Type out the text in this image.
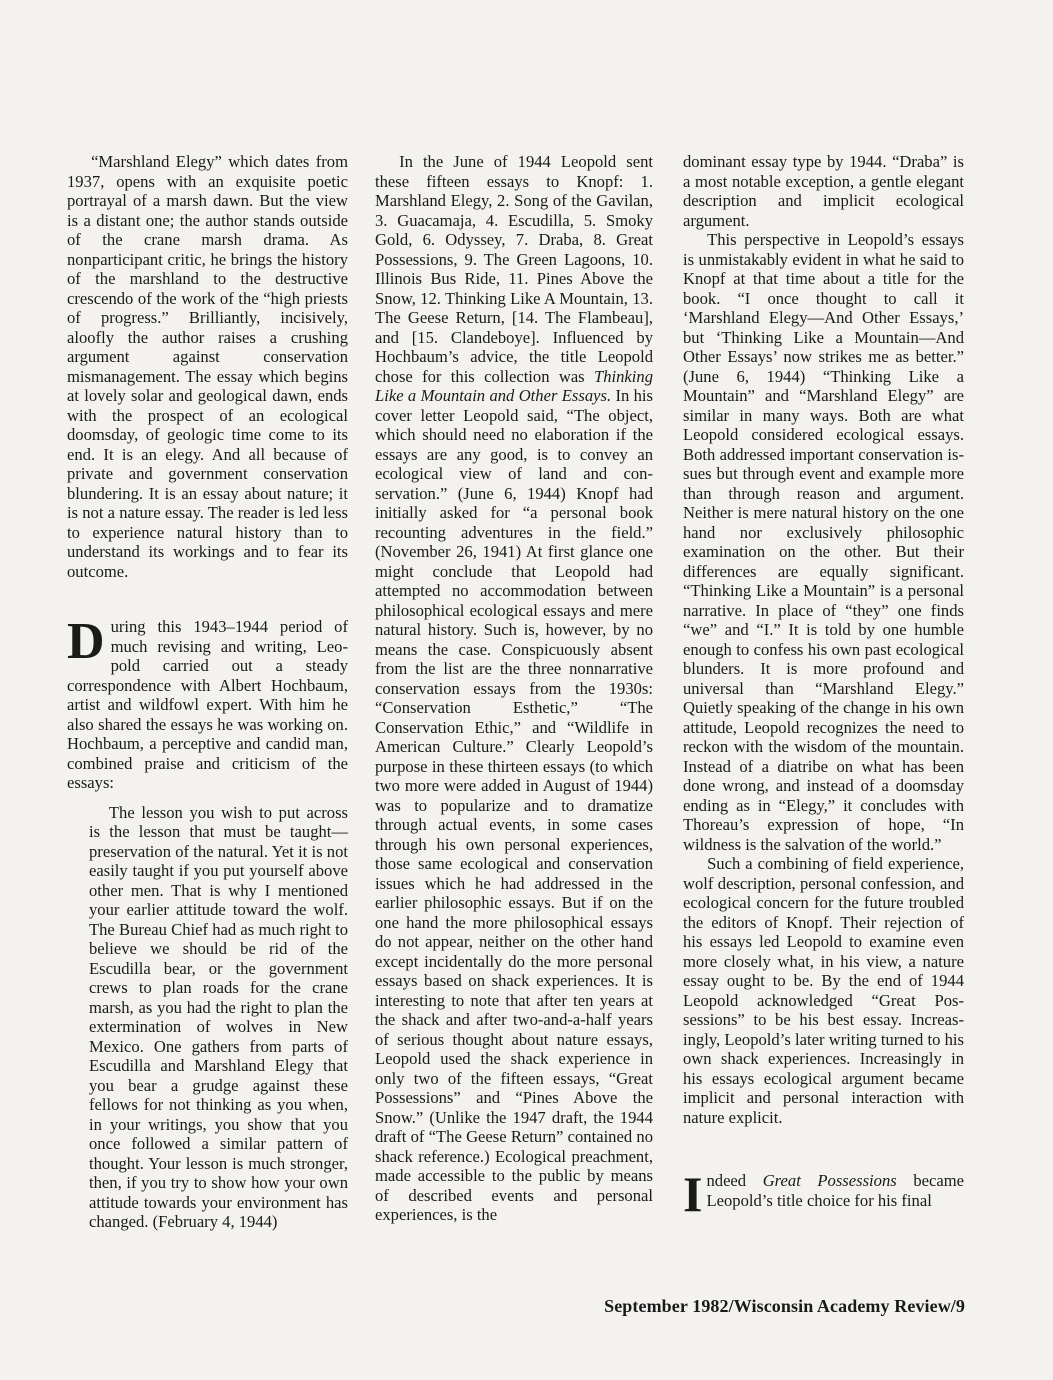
“Marshland Elegy” which dates from 1937, opens with an exquisite poetic portrayal of a marsh dawn. But the view is a distant one; the author stands outside of the crane marsh drama. As nonparticipant critic, he brings the history of the marshland to the destructive crescendo of the work of the “high priests of progress.” Brilliantly, incisively, aloofly the author raises a crushing argument against conservation mismanagement. The essay which begins at lovely solar and geological dawn, ends with the prospect of an ecological doomsday, of geologic time come to its end. It is an elegy. And all because of private and government conservation blundering. It is an essay about nature; it is not a nature essay. The reader is led less to experience natural history than to understand its workings and to fear its outcome.

During this 1943–1944 period of much revising and writing, Leopold carried out a steady correspondence with Albert Hochbaum, artist and wildfowl expert. With him he also shared the essays he was working on. Hochbaum, a perceptive and candid man, combined praise and criticism of the essays:

The lesson you wish to put across is the lesson that must be taught—preservation of the natural. Yet it is not easily taught if you put yourself above other men. That is why I mentioned your earlier attitude toward the wolf. The Bureau Chief had as much right to believe we should be rid of the Escudilla bear, or the government crews to plan roads for the crane marsh, as you had the right to plan the extermination of wolves in New Mexico. One gathers from parts of Escudilla and Marshland Elegy that you bear a grudge against these fellows for not thinking as you when, in your writings, you show that you once followed a similar pattern of thought. Your lesson is much stronger, then, if you try to show how your own attitude towards your environment has changed. (February 4, 1944)

In the June of 1944 Leopold sent these fifteen essays to Knopf: 1. Marshland Elegy, 2. Song of the Gavilan, 3. Guacamaja, 4. Escudilla, 5. Smoky Gold, 6. Odyssey, 7. Draba, 8. Great Possessions, 9. The Green Lagoons, 10. Illinois Bus Ride, 11. Pines Above the Snow, 12. Thinking Like A Mountain, 13. The Geese Return, [14. The Flambeau], and [15. Clandeboye]. Influenced by Hochbaum’s advice, the title Leopold chose for this collection was Thinking Like a Mountain and Other Essays. In his cover letter Leopold said, “The object, which should need no elaboration if the essays are any good, is to convey an ecological view of land and conservation.” (June 6, 1944) Knopf had initially asked for “a personal book recounting adventures in the field.” (November 26, 1941) At first glance one might conclude that Leopold had attempted no accommodation between philosophical ecological essays and mere natural history. Such is, however, by no means the case. Conspicuously absent from the list are the three nonnarrative conservation essays from the 1930s: “Conservation Esthetic,” “The Conservation Ethic,” and “Wildlife in American Culture.” Clearly Leopold’s purpose in these thirteen essays (to which two more were added in August of 1944) was to popularize and to dramatize through actual events, in some cases through his own personal experiences, those same ecological and conservation issues which he had addressed in the earlier philosophic essays. But if on the one hand the more philosophical essays do not appear, neither on the other hand except incidentally do the more personal essays based on shack experiences. It is interesting to note that after ten years at the shack and after two-and-a-half years of serious thought about nature essays, Leopold used the shack experience in only two of the fifteen essays, “Great Possessions” and “Pines Above the Snow.” (Unlike the 1947 draft, the 1944 draft of “The Geese Return” contained no shack reference.) Ecological preachment, made accessible to the public by means of described events and personal experiences, is the

dominant essay type by 1944. “Draba” is a most notable exception, a gentle elegant description and implicit ecological argument.

This perspective in Leopold’s essays is unmistakably evident in what he said to Knopf at that time about a title for the book. “I once thought to call it ‘Marshland Elegy—And Other Essays,’ but ‘Thinking Like a Mountain—And Other Essays’ now strikes me as better.” (June 6, 1944) “Thinking Like a Mountain” and “Marshland Elegy” are similar in many ways. Both are what Leopold considered ecological essays. Both addressed important conservation issues but through event and example more than through reason and argument. Neither is mere natural history on the one hand nor exclusively philosophic examination on the other. But their differences are equally significant. “Thinking Like a Mountain” is a personal narrative. In place of “they” one finds “we” and “I.” It is told by one humble enough to confess his own past ecological blunders. It is more profound and universal than “Marshland Elegy.” Quietly speaking of the change in his own attitude, Leopold recognizes the need to reckon with the wisdom of the mountain. Instead of a diatribe on what has been done wrong, and instead of a doomsday ending as in “Elegy,” it concludes with Thoreau’s expression of hope, “In wildness is the salvation of the world.”

Such a combining of field experience, wolf description, personal confession, and ecological concern for the future troubled the editors of Knopf. Their rejection of his essays led Leopold to examine even more closely what, in his view, a nature essay ought to be. By the end of 1944 Leopold acknowledged “Great Possessions” to be his best essay. Increasingly, Leopold’s later writing turned to his own shack experiences. Increasingly in his essays ecological argument became implicit and personal interaction with nature explicit.

Indeed Great Possessions became Leopold’s title choice for his final

September 1982/Wisconsin Academy Review/9
